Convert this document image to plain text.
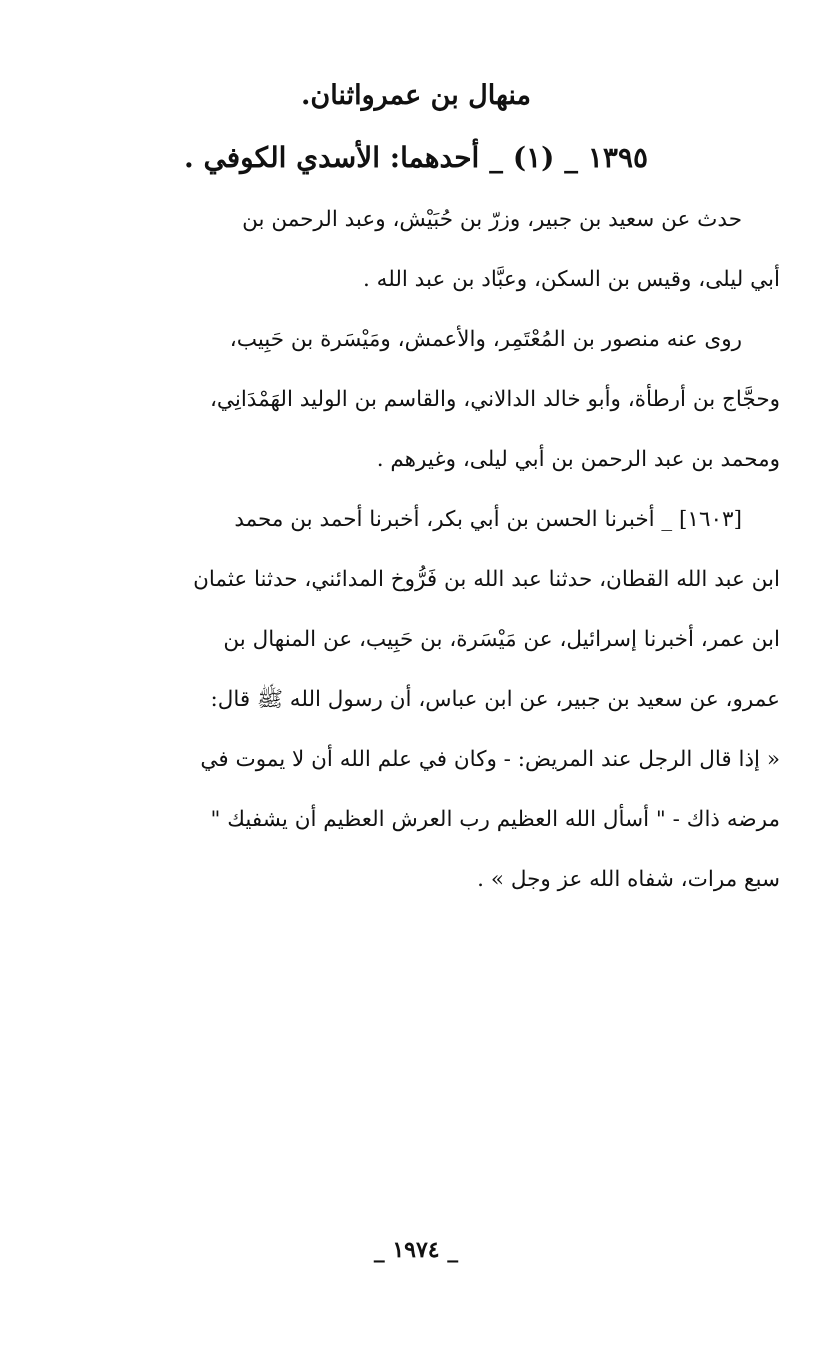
منهال بن عمرواثنان.
١٣٩٥ _ (١) _ أحدهما: الأسدي الكوفي .
حدث عن سعيد بن جبير، وزرّ بن حُبَيْش، وعبد الرحمن بن
أبي ليلى، وقيس بن السكن، وعبَّاد بن عبد الله .
روى عنه منصور بن المُعْتَمِر، والأعمش، ومَيْسَرة بن حَبِيب،
وحجَّاج بن أرطأة، وأبو خالد الدالاني، والقاسم بن الوليد الهَمْدَانِي،
ومحمد بن عبد الرحمن بن أبي ليلى، وغيرهم .
[١٦٠٣] _ أخبرنا الحسن بن أبي بكر، أخبرنا أحمد بن محمد
ابن عبد الله القطان، حدثنا عبد الله بن فَرُّوخ المدائني، حدثنا عثمان
ابن عمر، أخبرنا إسرائيل، عن مَيْسَرة، بن حَبِيب، عن المنهال بن
عمرو، عن سعيد بن جبير، عن ابن عباس، أن رسول الله ﷺ قال:
« إذا قال الرجل عند المريض: - وكان في علم الله أن لا يموت في
مرضه ذاك - " أسأل الله العظيم رب العرش العظيم أن يشفيك "
سبع مرات، شفاه الله عز وجل » .
_ ١٩٧٤ _
